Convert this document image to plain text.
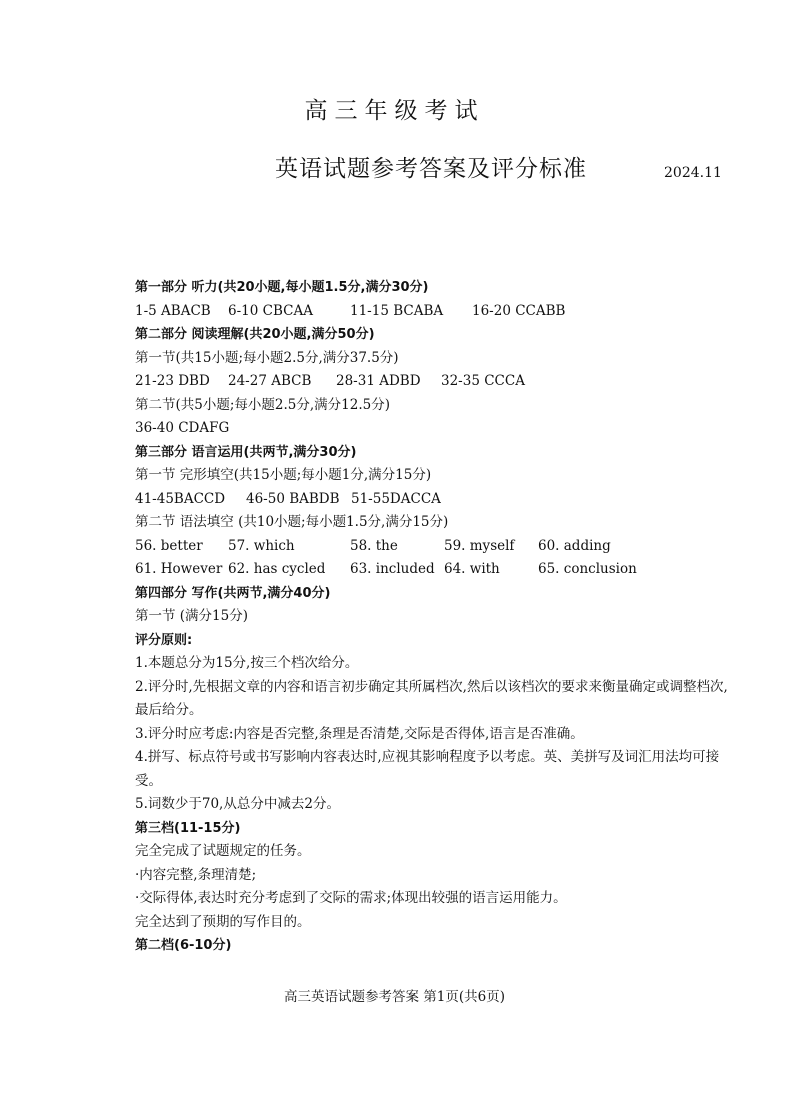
高三年级考试
英语试题参考答案及评分标准	2024.11
第一部分 听力(共20小题,每小题1.5分,满分30分)
1-5 ABACB	6-10 CBCAA	11-15 BCABA	16-20 CCABB
第二部分 阅读理解(共20小题,满分50分)
第一节(共15小题;每小题2.5分,满分37.5分)
21-23 DBD	24-27 ABCB	28-31 ADBD	32-35 CCCA
第二节(共5小题;每小题2.5分,满分12.5分)
36-40 CDAFG
第三部分 语言运用(共两节,满分30分)
第一节 完形填空(共15小题;每小题1分,满分15分)
41-45BACCD	46-50 BABDB 51-55DACCA
第二节 语法填空 (共10小题;每小题1.5分,满分15分)
56. better	57. which	58. the	59. myself	60. adding
61. However 62. has cycled	63. included 64. with	65. conclusion
第四部分 写作(共两节,满分40分)
第一节 (满分15分)
评分原则:
1.本题总分为15分,按三个档次给分。
2.评分时,先根据文章的内容和语言初步确定其所属档次,然后以该档次的要求来衡量确定或调整档次,最后给分。
3.评分时应考虑:内容是否完整,条理是否清楚,交际是否得体,语言是否准确。
4.拼写、标点符号或书写影响内容表达时,应视其影响程度予以考虑。英、美拼写及词汇用法均可接受。
5.词数少于70,从总分中减去2分。
第三档(11-15分)
完全完成了试题规定的任务。
·内容完整,条理清楚;
·交际得体,表达时充分考虑到了交际的需求;体现出较强的语言运用能力。
完全达到了预期的写作目的。
第二档(6-10分)
高三英语试题参考答案 第1页(共6页)
